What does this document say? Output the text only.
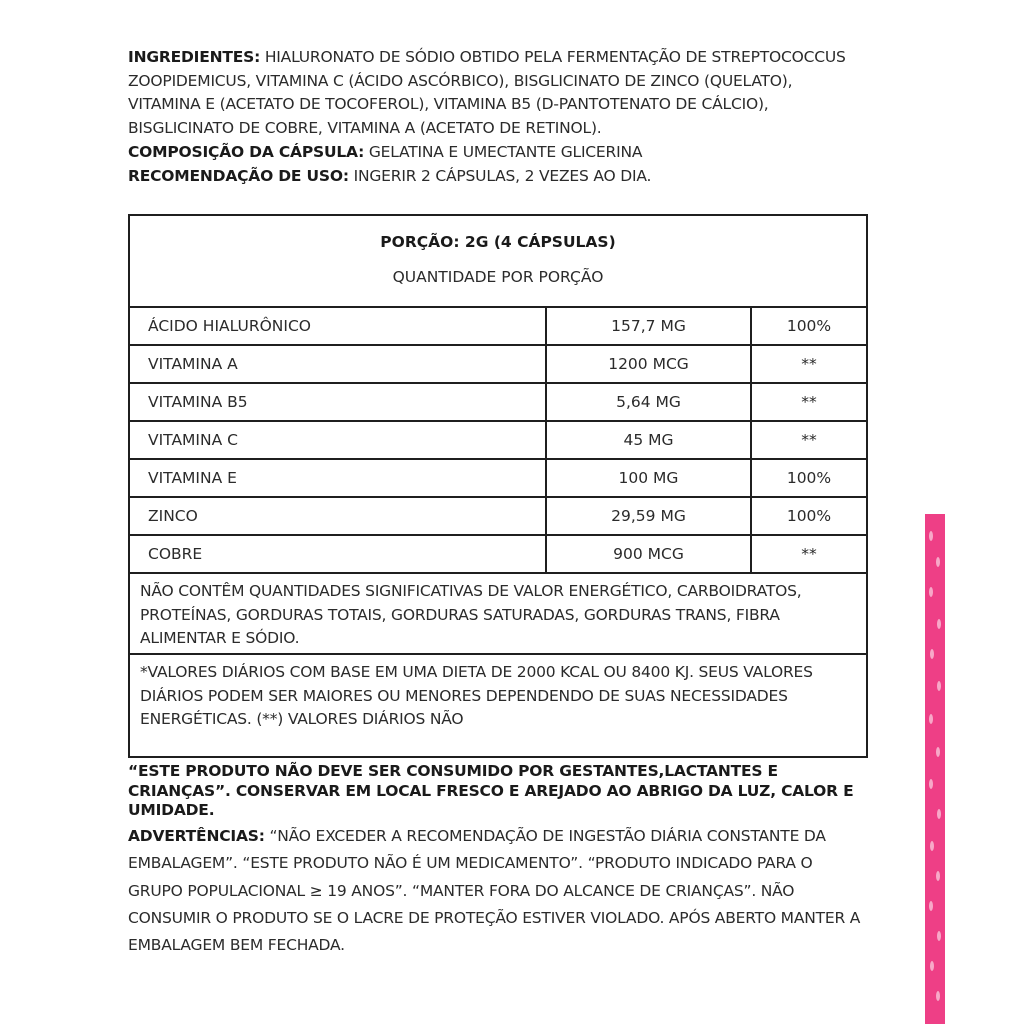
INGREDIENTES: HIALURONATO DE SÓDIO OBTIDO PELA FERMENTAÇÃO DE STREPTOCOCCUS ZOOPIDEMICUS, VITAMINA C (ÁCIDO ASCÓRBICO), BISGLICINATO DE ZINCO (QUELATO), VITAMINA E (ACETATO DE TOCOFEROL), VITAMINA B5 (D-PANTOTENATO DE CÁLCIO), BISGLICINATO DE COBRE, VITAMINA A (ACETATO DE RETINOL).

COMPOSIÇÃO DA CÁPSULA: GELATINA E UMECTANTE GLICERINA

RECOMENDAÇÃO DE USO: INGERIR 2 CÁPSULAS, 2 VEZES AO DIA.

PORÇÃO: 2G (4 CÁPSULAS)
QUANTIDADE POR PORÇÃO
ÁCIDO HIALURÔNICO	157,7 MG	100%
VITAMINA A	1200 MCG	**
VITAMINA B5	5,64 MG	**
VITAMINA C	45 MG	**
VITAMINA E	100 MG	100%
ZINCO	29,59 MG	100%
COBRE	900 MCG	**
NÃO CONTÊM QUANTIDADES SIGNIFICATIVAS DE VALOR ENERGÉTICO, CARBOIDRATOS, PROTEÍNAS, GORDURAS TOTAIS, GORDURAS SATURADAS, GORDURAS TRANS, FIBRA ALIMENTAR E SÓDIO.
*VALORES DIÁRIOS COM BASE EM UMA DIETA DE 2000 KCAL OU 8400 KJ. SEUS VALORES DIÁRIOS PODEM SER MAIORES OU MENORES DEPENDENDO DE SUAS NECESSIDADES ENERGÉTICAS. (**) VALORES DIÁRIOS NÃO
“ESTE PRODUTO NÃO DEVE SER CONSUMIDO POR GESTANTES,LACTANTES E CRIANÇAS”. CONSERVAR EM LOCAL FRESCO E AREJADO AO ABRIGO DA LUZ, CALOR E UMIDADE.
ADVERTÊNCIAS: “NÃO EXCEDER A RECOMENDAÇÃO DE INGESTÃO DIÁRIA CONSTANTE DA EMBALAGEM”. “ESTE PRODUTO NÃO É UM MEDICAMENTO”. “PRODUTO INDICADO PARA O GRUPO POPULACIONAL ≥ 19 ANOS”. “MANTER FORA DO ALCANCE DE CRIANÇAS”. NÃO CONSUMIR O PRODUTO SE O LACRE DE PROTEÇÃO ESTIVER VIOLADO. APÓS ABERTO MANTER A EMBALAGEM BEM FECHADA.
